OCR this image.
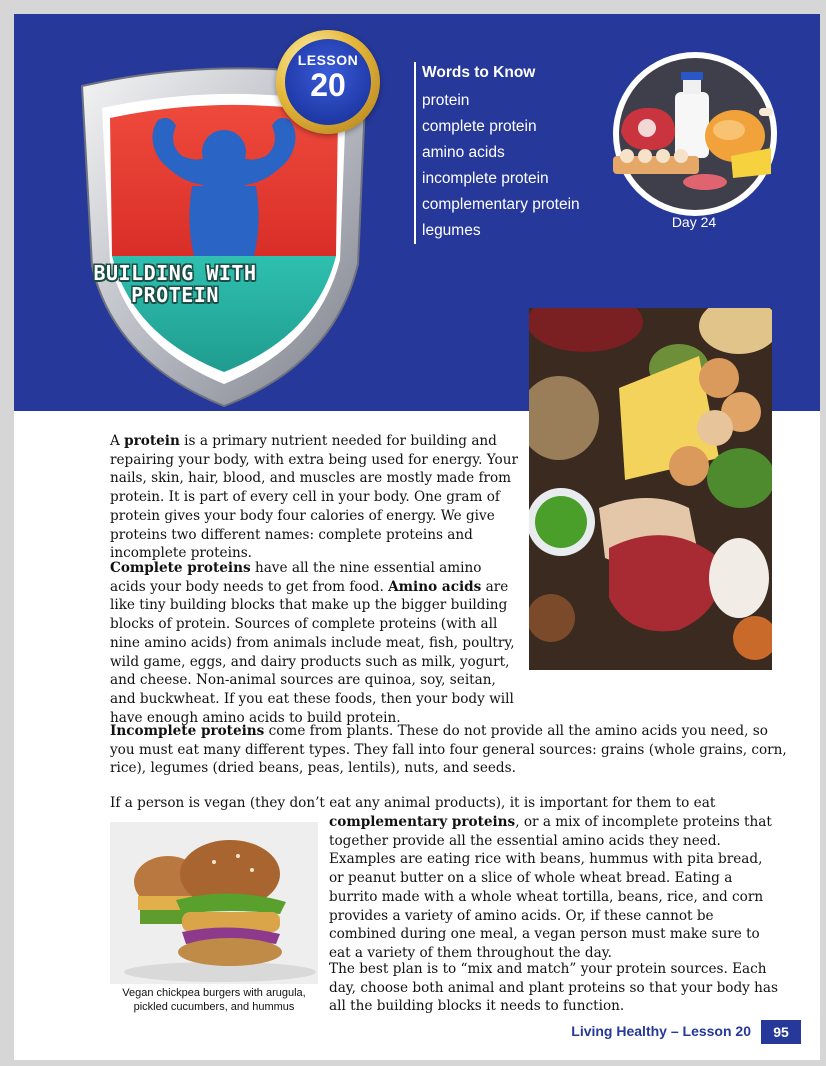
BUILDING WITH PROTEIN
LESSON
20	Words to Know
protein
complete protein
amino acids
incomplete protein
complementary protein
legumes	Day 24

A protein is a primary nutrient needed for building and repairing your body, with extra being used for energy. Your nails, skin, hair, blood, and muscles are mostly made from protein. It is part of every cell in your body. One gram of protein gives your body four calories of energy. We give proteins two different names: complete proteins and incomplete proteins.

Complete proteins have all the nine essential amino acids your body needs to get from food. Amino acids are like tiny building blocks that make up the bigger building blocks of protein. Sources of complete proteins (with all nine amino acids) from animals include meat, fish, poultry, wild game, eggs, and dairy products such as milk, yogurt, and cheese. Non-animal sources are quinoa, soy, seitan, and buckwheat. If you eat these foods, then your body will have enough amino acids to build protein.

Incomplete proteins come from plants. These do not provide all the amino acids you need, so you must eat many different types. They fall into four general sources: grains (whole grains, corn, rice), legumes (dried beans, peas, lentils), nuts, and seeds.

If a person is vegan (they don’t eat any animal products), it is important for them to eat

complementary proteins, or a mix of incomplete proteins that together provide all the essential amino acids they need. Examples are eating rice with beans, hummus with pita bread, or peanut butter on a slice of whole wheat bread. Eating a burrito made with a whole wheat tortilla, beans, rice, and corn provides a variety of amino acids. Or, if these cannot be combined during one meal, a vegan person must make sure to eat a variety of them throughout the day.

The best plan is to “mix and match” your protein sources. Each day, choose both animal and plant proteins so that your body has all the building blocks it needs to function.

Vegan chickpea burgers with arugula, pickled cucumbers, and hummus
Living Healthy – Lesson 20	95
